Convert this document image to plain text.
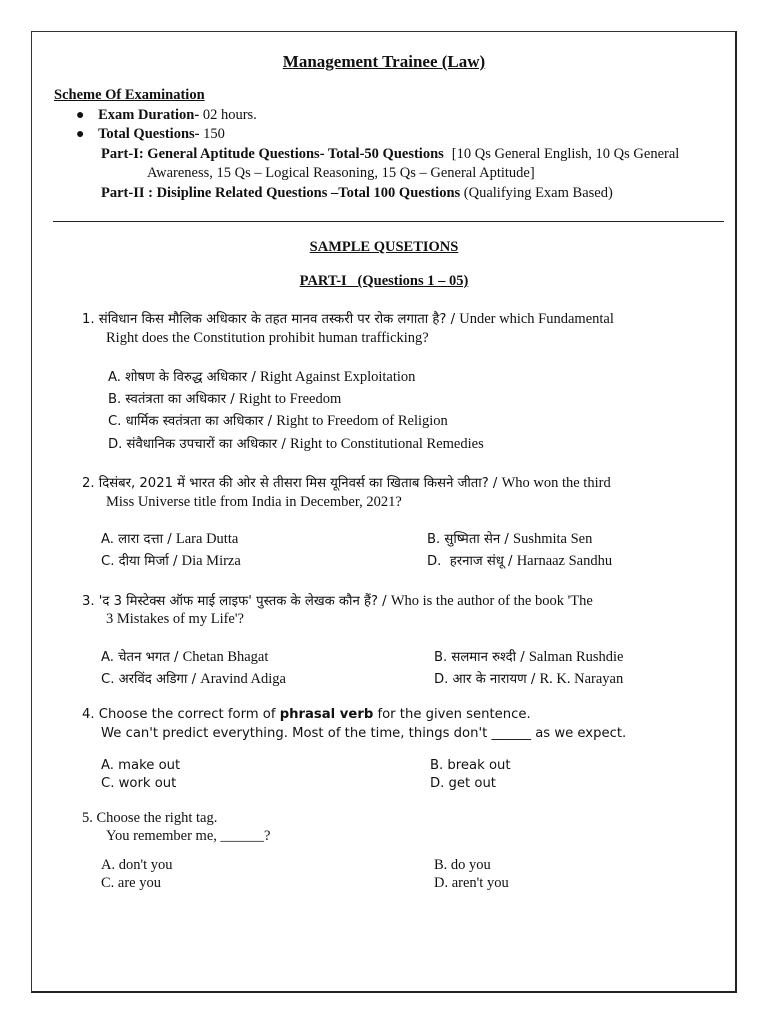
Management Trainee (Law)
Scheme Of Examination
● Exam Duration- 02 hours.
● Total Questions- 150
Part-I: General Aptitude Questions- Total-50 Questions [10 Qs General English, 10 Qs General
Awareness, 15 Qs – Logical Reasoning, 15 Qs – General Aptitude]
Part-II : Disipline Related Questions –Total 100 Questions (Qualifying Exam Based)
SAMPLE QUSETIONS
PART-I   (Questions 1 – 05)
1. संविधान किस मौलिक अधिकार के तहत मानव तस्करी पर रोक लगाता है? / Under which Fundamental
Right does the Constitution prohibit human trafficking?
A. शोषण के विरुद्ध अधिकार / Right Against Exploitation
B. स्वतंत्रता का अधिकार / Right to Freedom
C. धार्मिक स्वतंत्रता का अधिकार / Right to Freedom of Religion
D. संवैधानिक उपचारों का अधिकार / Right to Constitutional Remedies
2. दिसंबर, 2021 में भारत की ओर से तीसरा मिस यूनिवर्स का खिताब किसने जीता? / Who won the third
Miss Universe title from India in December, 2021?
A. लारा दत्ता / Lara Dutta	B. सुष्मिता सेन / Sushmita Sen
C. दीया मिर्जा / Dia Mirza	D.  हरनाज संधू / Harnaaz Sandhu
3. 'द 3 मिस्टेक्स ऑफ माई लाइफ' पुस्तक के लेखक कौन हैं? / Who is the author of the book 'The
3 Mistakes of my Life'?
A. चेतन भगत / Chetan Bhagat	B. सलमान रुश्दी / Salman Rushdie
C. अरविंद अडिगा / Aravind Adiga	D. आर के नारायण / R. K. Narayan
4. Choose the correct form of phrasal verb for the given sentence.
We can't predict everything. Most of the time, things don't ______ as we expect.
A. make out	B. break out
C. work out	D. get out
5. Choose the right tag.
You remember me, ______?
A. don't you	B. do you
C. are you	D. aren't you
